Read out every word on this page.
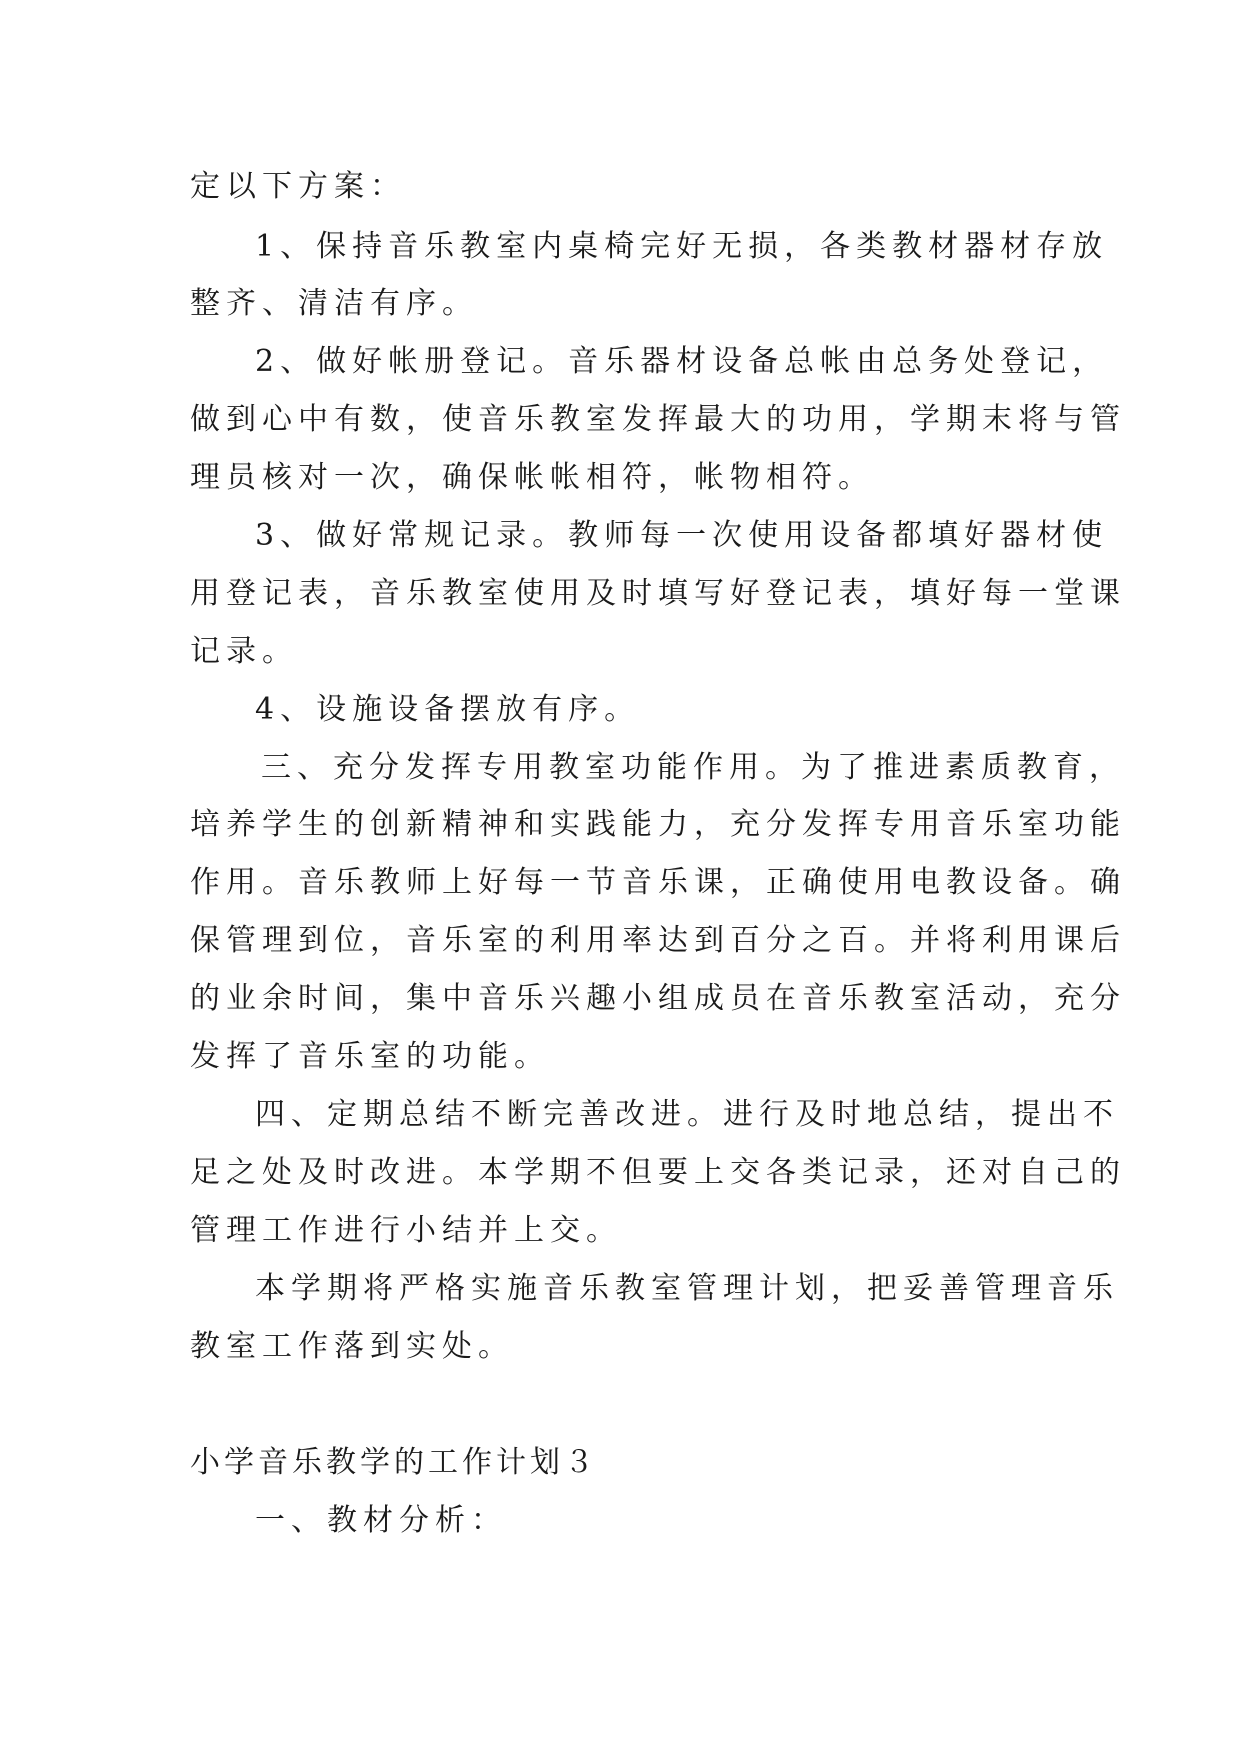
定以下方案：
1、保持音乐教室内桌椅完好无损，各类教材器材存放
整齐、清洁有序。
2、做好帐册登记。音乐器材设备总帐由总务处登记，
做到心中有数，使音乐教室发挥最大的功用，学期末将与管
理员核对一次，确保帐帐相符，帐物相符。
3、做好常规记录。教师每一次使用设备都填好器材使
用登记表，音乐教室使用及时填写好登记表，填好每一堂课
记录。
4、设施设备摆放有序。
三、充分发挥专用教室功能作用。为了推进素质教育，
培养学生的创新精神和实践能力，充分发挥专用音乐室功能
作用。音乐教师上好每一节音乐课，正确使用电教设备。确
保管理到位，音乐室的利用率达到百分之百。并将利用课后
的业余时间，集中音乐兴趣小组成员在音乐教室活动，充分
发挥了音乐室的功能。
四、定期总结不断完善改进。进行及时地总结，提出不
足之处及时改进。本学期不但要上交各类记录，还对自己的
管理工作进行小结并上交。
本学期将严格实施音乐教室管理计划，把妥善管理音乐
教室工作落到实处。
小学音乐教学的工作计划３
一、教材分析：
